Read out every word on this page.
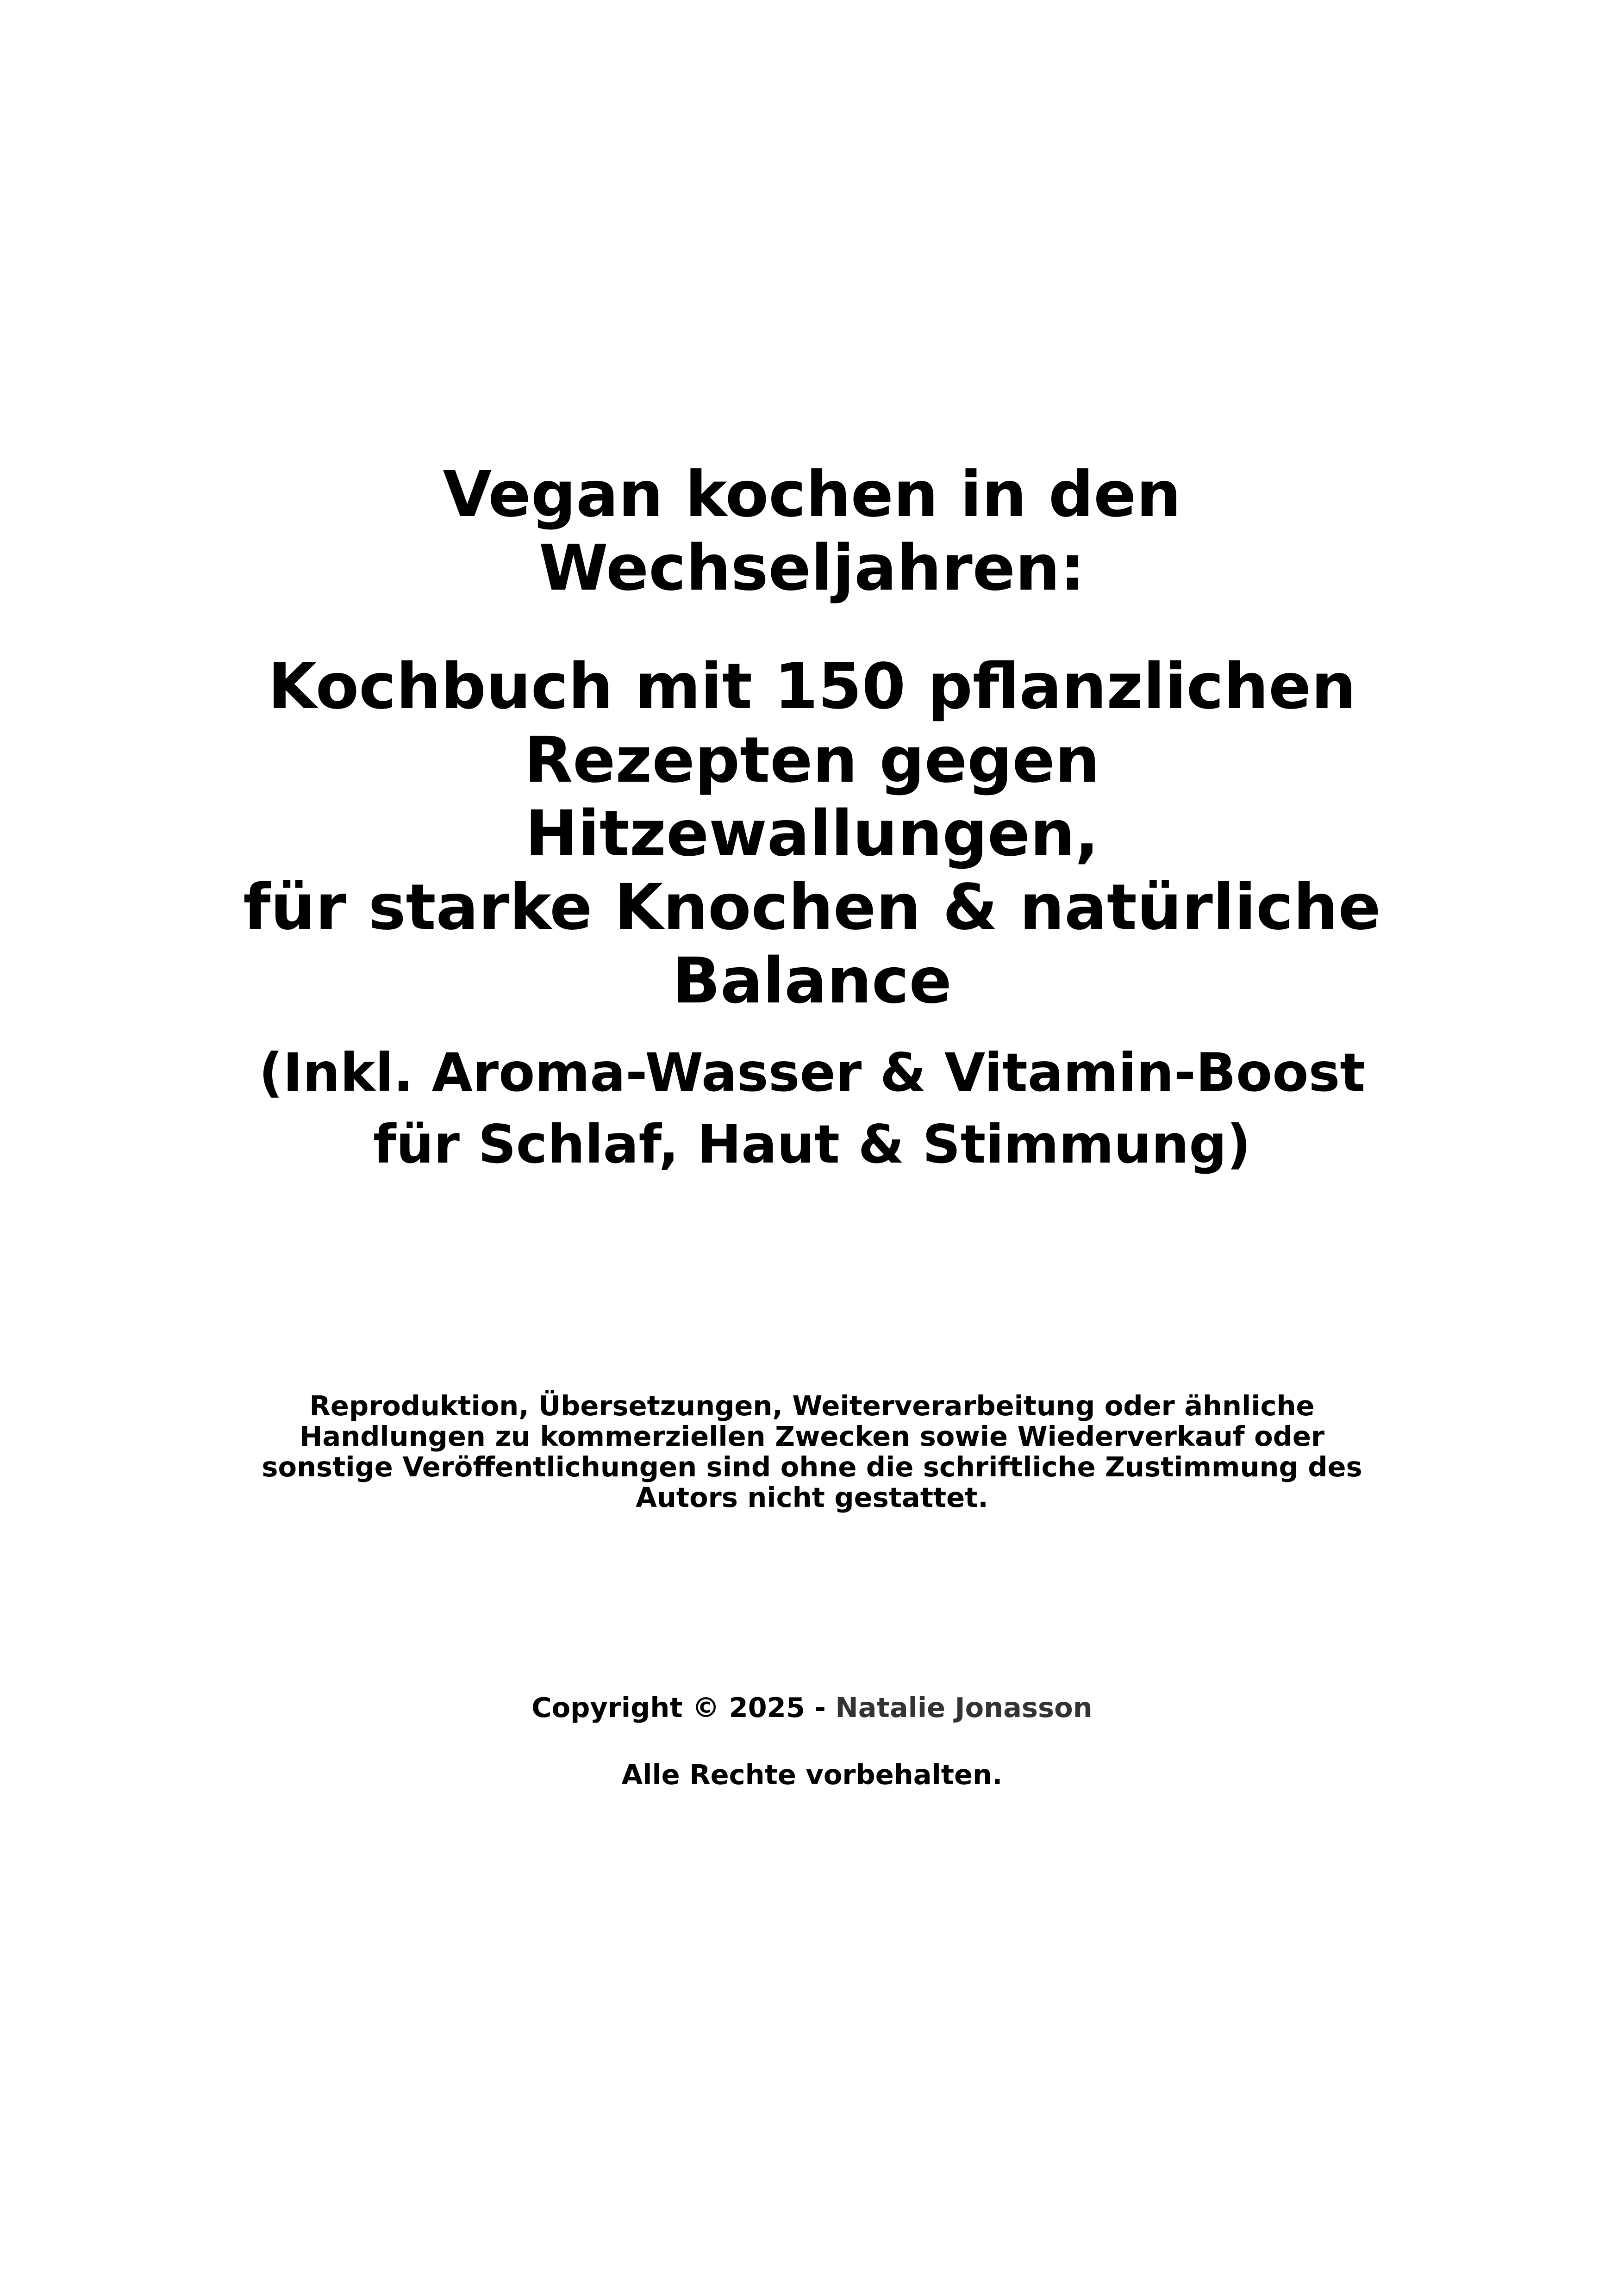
Vegan kochen in den
Wechseljahren:
Kochbuch mit 150 pflanzlichen
Rezepten gegen Hitzewallungen,
für starke Knochen & natürliche
Balance
(Inkl. Aroma-Wasser & Vitamin-Boost
für Schlaf, Haut & Stimmung)

Reproduktion, Übersetzungen, Weiterverarbeitung oder ähnliche
Handlungen zu kommerziellen Zwecken sowie Wiederverkauf oder
sonstige Veröffentlichungen sind ohne die schriftliche Zustimmung des
Autors nicht gestattet.

Copyright © 2025 - Natalie Jonasson

Alle Rechte vorbehalten.
